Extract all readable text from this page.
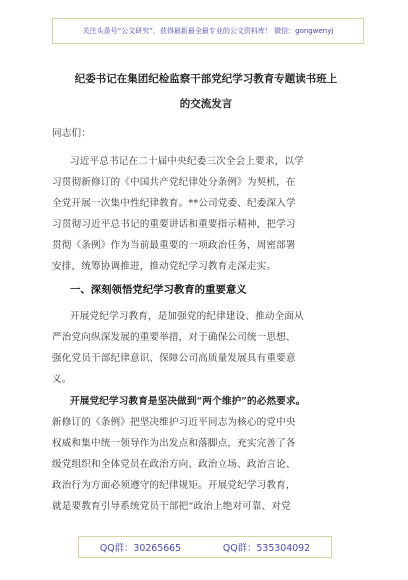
关注头条号“公文研究”，获得最新最全最专业的公文资料库！ 微信：gongwenyj
纪委书记在集团纪检监察干部党纪学习教育专题读书班上
的交流发言
同志们：
习近平总书记在二十届中央纪委三次全会上要求，以学
习贯彻新修订的《中国共产党纪律处分条例》为契机，在
全党开展一次集中性纪律教育。**公司党委、纪委深入学
习贯彻习近平总书记的重要讲话和重要指示精神，把学习
贯彻《条例》作为当前最重要的一项政治任务，周密部署
安排，统筹协调推进，推动党纪学习教育走深走实。
一、深刻领悟党纪学习教育的重要意义
开展党纪学习教育，是加强党的纪律建设、推动全面从
严治党向纵深发展的重要举措，对于确保公司统一思想、
强化党员干部纪律意识、保障公司高质量发展具有重要意
义。
开展党纪学习教育是坚决做到“两个维护”的必然要求。
新修订的《条例》把坚决维护习近平同志为核心的党中央
权威和集中统一领导作为出发点和落脚点，充实完善了各
级党组织和全体党员在政治方向、政治立场、政治言论、
政治行为方面必须遵守的纪律规矩。开展党纪学习教育，
就是要教育引导系统党员干部把“政治上绝对可靠、对党
QQ群：30265665	QQ群：535304092
